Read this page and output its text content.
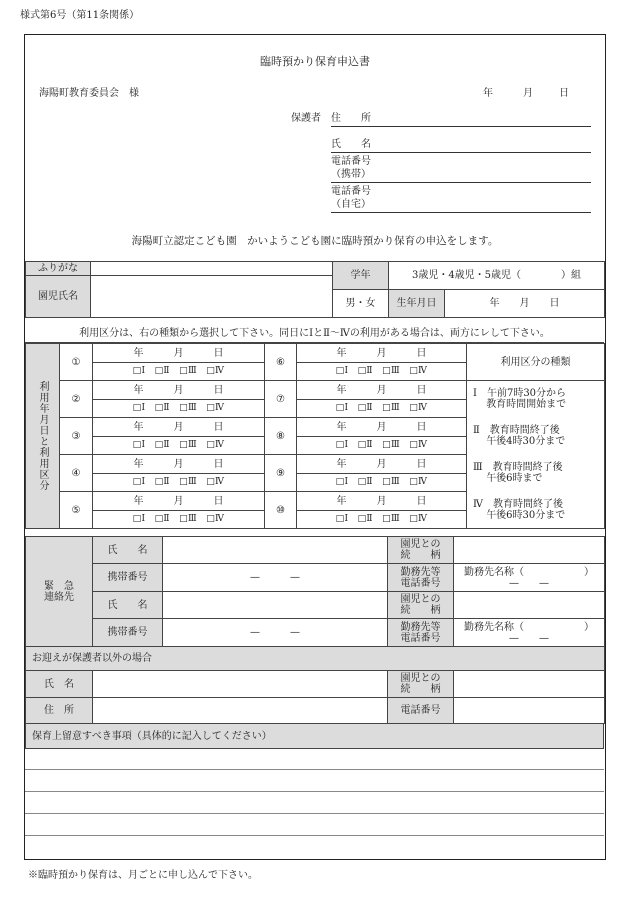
様式第6号（第11条関係）
臨時預かり保育申込書
海陽町教育委員会　様	年	月	日
保護者 住　　所
氏　　名
電話番号
（携帯）
電話番号
（自宅）
海陽町立認定こども園　かいようこども園に臨時預かり保育の申込をします。
ふりがな		学年	3歳児・4歳児・5歳児（　　　　）組	
園児氏名				
		男・女	生年月日	年　　月　　日
利用区分は、右の種類から選択して下さい。同日にⅠとⅡ～Ⅳの利用がある場合は、両方にレして下さい。
利用年月日と利用区分	①	年　　　月　　　日	⑥	年　　　月　　　日	利用区分の種類
		□Ⅰ　□Ⅱ　□Ⅲ　□Ⅳ		□Ⅰ　□Ⅱ　□Ⅲ　□Ⅳ	
	②	年　　　月　　　日	⑦	年　　　月　　　日	Ⅰ　 午前7時30分から
　 教育時間開始まで
		□Ⅰ　□Ⅱ　□Ⅲ　□Ⅳ		□Ⅰ　□Ⅱ　□Ⅲ　□Ⅳ	
	③	年　　　月　　　日	⑧	年　　　月　　　日	Ⅱ　 教育時間終了後
　 午後4時30分まで
		□Ⅰ　□Ⅱ　□Ⅲ　□Ⅳ		□Ⅰ　□Ⅱ　□Ⅲ　□Ⅳ	
	④	年　　　月　　　日	⑨	年　　　月　　　日	Ⅲ　 教育時間終了後
　 午後6時まで
		□Ⅰ　□Ⅱ　□Ⅲ　□Ⅳ		□Ⅰ　□Ⅱ　□Ⅲ　□Ⅳ	
	⑤	年　　　月　　　日	⑩	年　　　月　　　日	Ⅳ　 教育時間終了後
　 午後6時30分まで
		□Ⅰ　□Ⅱ　□Ⅲ　□Ⅳ		□Ⅰ　□Ⅱ　□Ⅲ　□Ⅳ	
緊　急
連絡先	氏　　名		園児との
続　　柄	
	携帯番号	—　　　—	勤務先等
電話番号	勤務先名称（　　　　　　）
—　　—
	氏　　名		園児との
続　　柄	
	携帯番号	—　　　—	勤務先等
電話番号	勤務先名称（　　　　　　）
—　　—
お迎えが保護者以外の場合			
氏　名		園児との
続　　柄	
住　所		電話番号	
保育上留意すべき事項（具体的に記入してください）
※臨時預かり保育は、月ごとに申し込んで下さい。
